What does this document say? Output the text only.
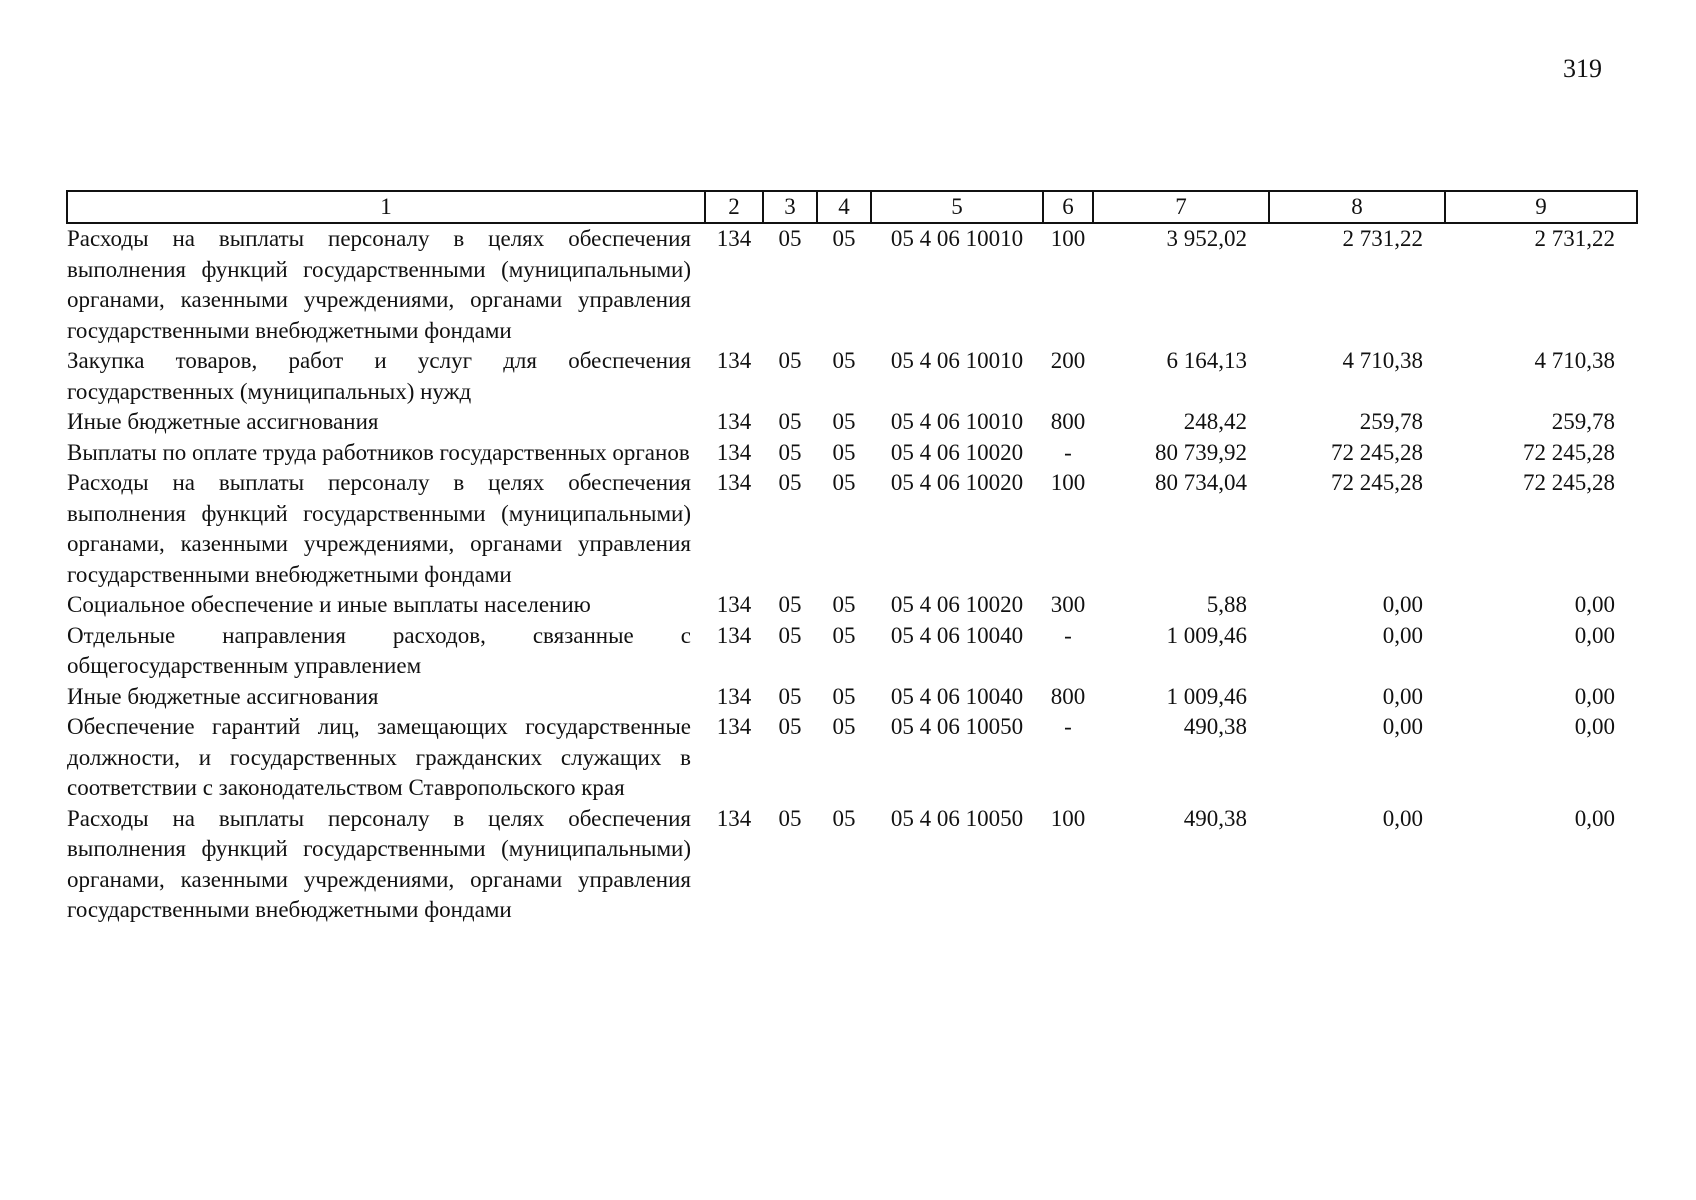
319
1	2	3	4	5	6	7	8	9
Расходы на выплаты персоналу в целях обеспечения выполнения функций государственными (муниципальными) органами, казенными учреждениями, органами управления государственными внебюджетными фондами	134	05	05	05 4 06 10010	100	3 952,02	2 731,22	2 731,22
Закупка товаров, работ и услуг для обеспечения государственных (муниципальных) нужд	134	05	05	05 4 06 10010	200	6 164,13	4 710,38	4 710,38
Иные бюджетные ассигнования	134	05	05	05 4 06 10010	800	248,42	259,78	259,78
Выплаты по оплате труда работников государственных органов	134	05	05	05 4 06 10020	-	80 739,92	72 245,28	72 245,28
Расходы на выплаты персоналу в целях обеспечения выполнения функций государственными (муниципальными) органами, казенными учреждениями, органами управления государственными внебюджетными фондами	134	05	05	05 4 06 10020	100	80 734,04	72 245,28	72 245,28
Социальное обеспечение и иные выплаты населению	134	05	05	05 4 06 10020	300	5,88	0,00	0,00
Отдельные направления расходов, связанные с общегосударственным управлением	134	05	05	05 4 06 10040	-	1 009,46	0,00	0,00
Иные бюджетные ассигнования	134	05	05	05 4 06 10040	800	1 009,46	0,00	0,00
Обеспечение гарантий лиц, замещающих государственные должности, и государственных гражданских служащих в соответствии с законодательством Ставропольского края	134	05	05	05 4 06 10050	-	490,38	0,00	0,00
Расходы на выплаты персоналу в целях обеспечения выполнения функций государственными (муниципальными) органами, казенными учреждениями, органами управления государственными внебюджетными фондами	134	05	05	05 4 06 10050	100	490,38	0,00	0,00
